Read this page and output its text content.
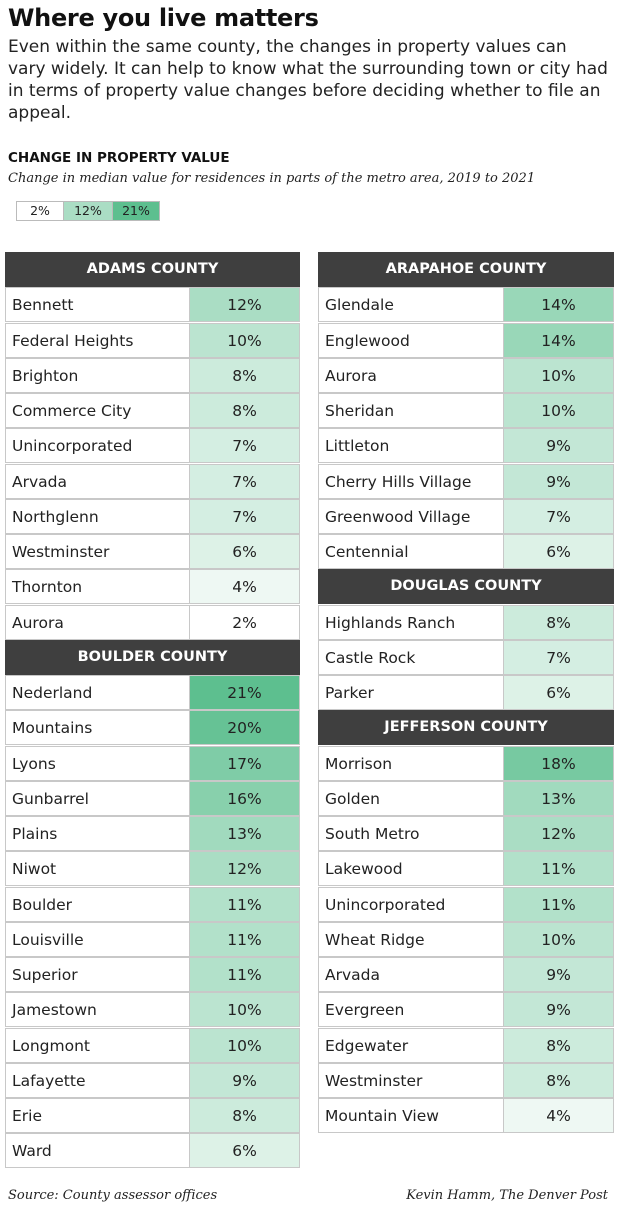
Where you live matters
Even within the same county, the changes in property values can vary widely. It can help to know what the surrounding town or city had in terms of property value changes before deciding whether to file an appeal.
CHANGE IN PROPERTY VALUE
Change in median value for residences in parts of the metro area, 2019 to 2021
2%	12%	21%
ADAMS COUNTY
Bennett	12%
Federal Heights	10%
Brighton	8%
Commerce City	8%
Unincorporated	7%
Arvada	7%
Northglenn	7%
Westminster	6%
Thornton	4%
Aurora	2%
BOULDER COUNTY
Nederland	21%
Mountains	20%
Lyons	17%
Gunbarrel	16%
Plains	13%
Niwot	12%
Boulder	11%
Louisville	11%
Superior	11%
Jamestown	10%
Longmont	10%
Lafayette	9%
Erie	8%
Ward	6%
ARAPAHOE COUNTY
Glendale	14%
Englewood	14%
Aurora	10%
Sheridan	10%
Littleton	9%
Cherry Hills Village	9%
Greenwood Village	7%
Centennial	6%
DOUGLAS COUNTY
Highlands Ranch	8%
Castle Rock	7%
Parker	6%
JEFFERSON COUNTY
Morrison	18%
Golden	13%
South Metro	12%
Lakewood	11%
Unincorporated	11%
Wheat Ridge	10%
Arvada	9%
Evergreen	9%
Edgewater	8%
Westminster	8%
Mountain View	4%
Source: County assessor offices	Kevin Hamm, The Denver Post
